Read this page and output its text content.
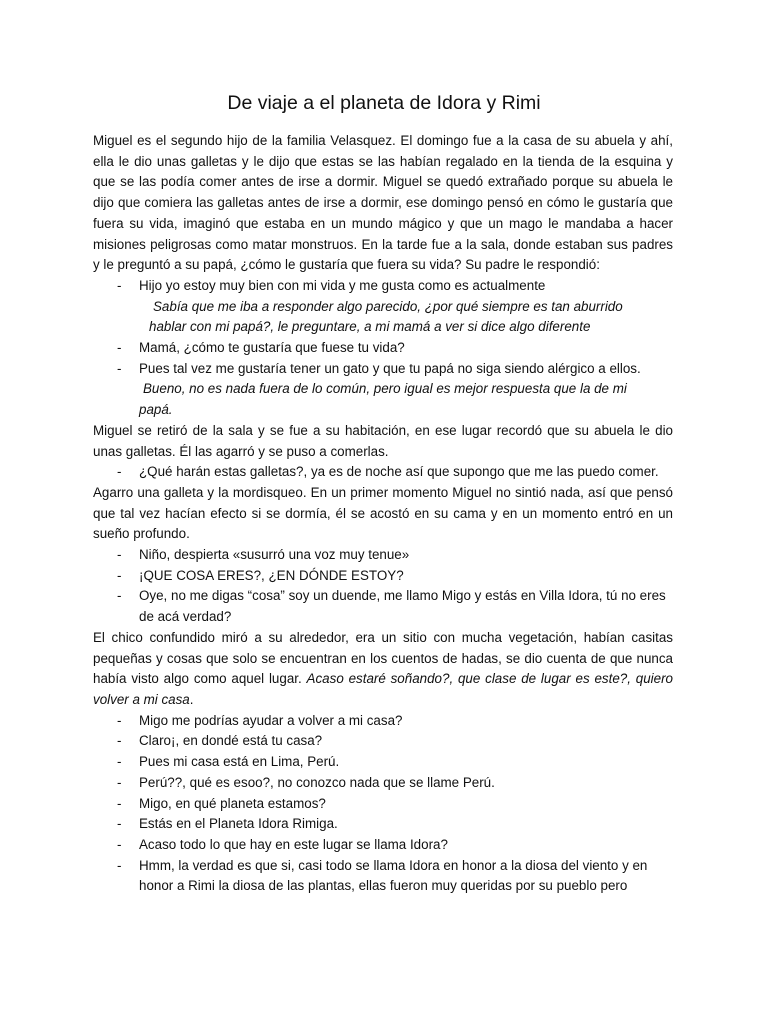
De viaje a el planeta de Idora y Rimi

Miguel es el segundo hijo de la familia Velasquez. El domingo fue a la casa de su abuela y ahí, ella le dio unas galletas y le dijo que estas se las habían regalado en la tienda de la esquina y que se las podía comer antes de irse a dormir. Miguel se quedó extrañado porque su abuela le dijo que comiera las galletas antes de irse a dormir, ese domingo pensó en cómo le gustaría que fuera su vida, imaginó que estaba en un mundo mágico y que un mago le mandaba a hacer misiones peligrosas como matar monstruos. En la tarde fue a la sala, donde estaban sus padres y le preguntó a su papá, ¿cómo le gustaría que fuera su vida? Su padre le respondió:

- Hijo yo estoy muy bien con mi vida y me gusta como es actualmente

Sabía que me iba a responder algo parecido, ¿por qué siempre es tan aburrido

hablar con mi papá?, le preguntare, a mi mamá a ver si dice algo diferente

- Mamá, ¿cómo te gustaría que fuese tu vida?
- Pues tal vez me gustaría tener un gato y que tu papá no siga siendo alérgico a ellos.

Bueno, no es nada fuera de lo común, pero igual es mejor respuesta que la de mi

papá.

Miguel se retiró de la sala y se fue a su habitación, en ese lugar recordó que su abuela le dio unas galletas. Él las agarró y se puso a comerlas.

- ¿Qué harán estas galletas?, ya es de noche así que supongo que me las puedo comer.

Agarro una galleta y la mordisqueo. En un primer momento Miguel no sintió nada, así que pensó que tal vez hacían efecto si se dormía, él se acostó en su cama y en un momento entró en un sueño profundo.

- Niño, despierta «susurró una voz muy tenue»
- ¡QUE COSA ERES?, ¿EN DÓNDE ESTOY?
- Oye, no me digas “cosa” soy un duende, me llamo Migo y estás en Villa Idora, tú no eres de acá verdad?

El chico confundido miró a su alrededor, era un sitio con mucha vegetación, habían casitas pequeñas y cosas que solo se encuentran en los cuentos de hadas, se dio cuenta de que nunca había visto algo como aquel lugar. Acaso estaré soñando?, que clase de lugar es este?, quiero volver a mi casa.

- Migo me podrías ayudar a volver a mi casa?
- Claro¡, en dondé está tu casa?
- Pues mi casa está en Lima, Perú.
- Perú??, qué es esoo?, no conozco nada que se llame Perú.
- Migo, en qué planeta estamos?
- Estás en el Planeta Idora Rimiga.
- Acaso todo lo que hay en este lugar se llama Idora?
- Hmm, la verdad es que si, casi todo se llama Idora en honor a la diosa del viento y en honor a Rimi la diosa de las plantas, ellas fueron muy queridas por su pueblo pero
